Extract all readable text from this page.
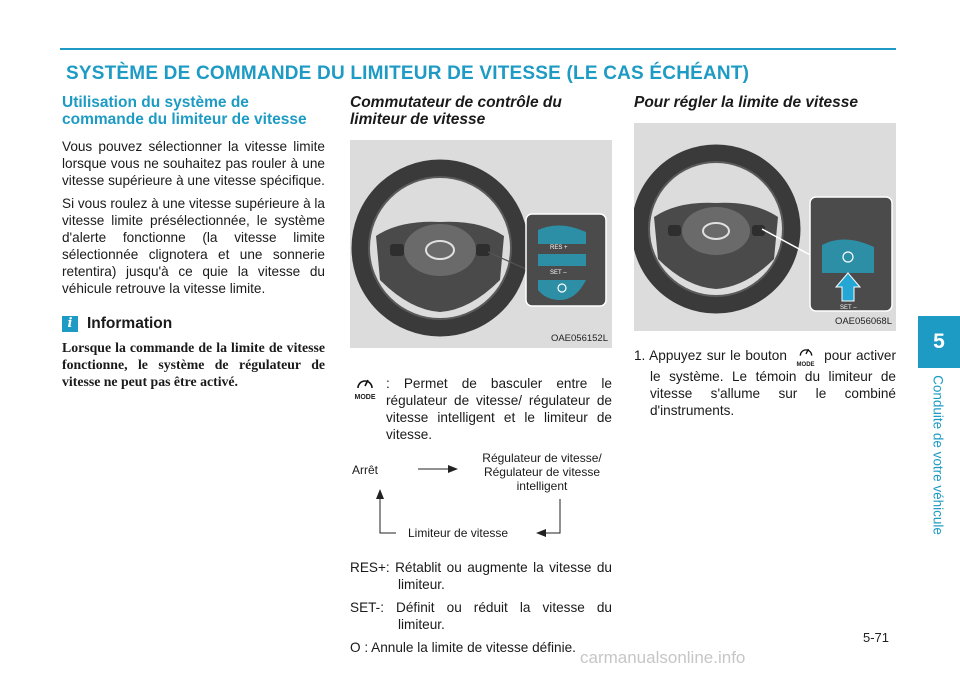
SYSTÈME DE COMMANDE DU LIMITEUR DE VITESSE (LE CAS ÉCHÉANT)
Utilisation du système de commande du limiteur de vitesse

Vous pouvez sélectionner la vitesse limite lorsque vous ne souhaitez pas rouler à une vitesse supérieure à une vitesse spécifique.

Si vous roulez à une vitesse supérieure à la vitesse limite présélectionnée, le système d'alerte fonctionne (la vitesse limite sélectionnée clignotera et une sonnerie retentira) jusqu'à ce quie la vitesse du véhicule retrouve la vitesse limite.

i Information

Lorsque la commande de la limite de vitesse fonctionne, le système de régulateur de vitesse ne peut pas être activé.

Commutateur de contrôle du limiteur de vitesse
RES +
SET –
OAE056152L
MODE
: Permet de basculer entre le régulateur de vitesse/ régulateur de vitesse intelligent et le limiteur de vitesse.
Arrêt
Régulateur de vitesse/
Régulateur de vitesse
intelligent
Limiteur de vitesse
RES+: Rétablit ou augmente la vitesse du limiteur.
SET-: Définit ou réduit la vitesse du limiteur.
O : Annule la limite de vitesse définie.
Pour régler la limite de vitesse
SET –
OAE056068L
1. Appuyez sur le bouton
MODE
pour activer le système. Le témoin du limiteur de vitesse s'allume sur le combiné d'instruments.
5
Conduite de votre véhicule
5-71
carmanualsonline.info
